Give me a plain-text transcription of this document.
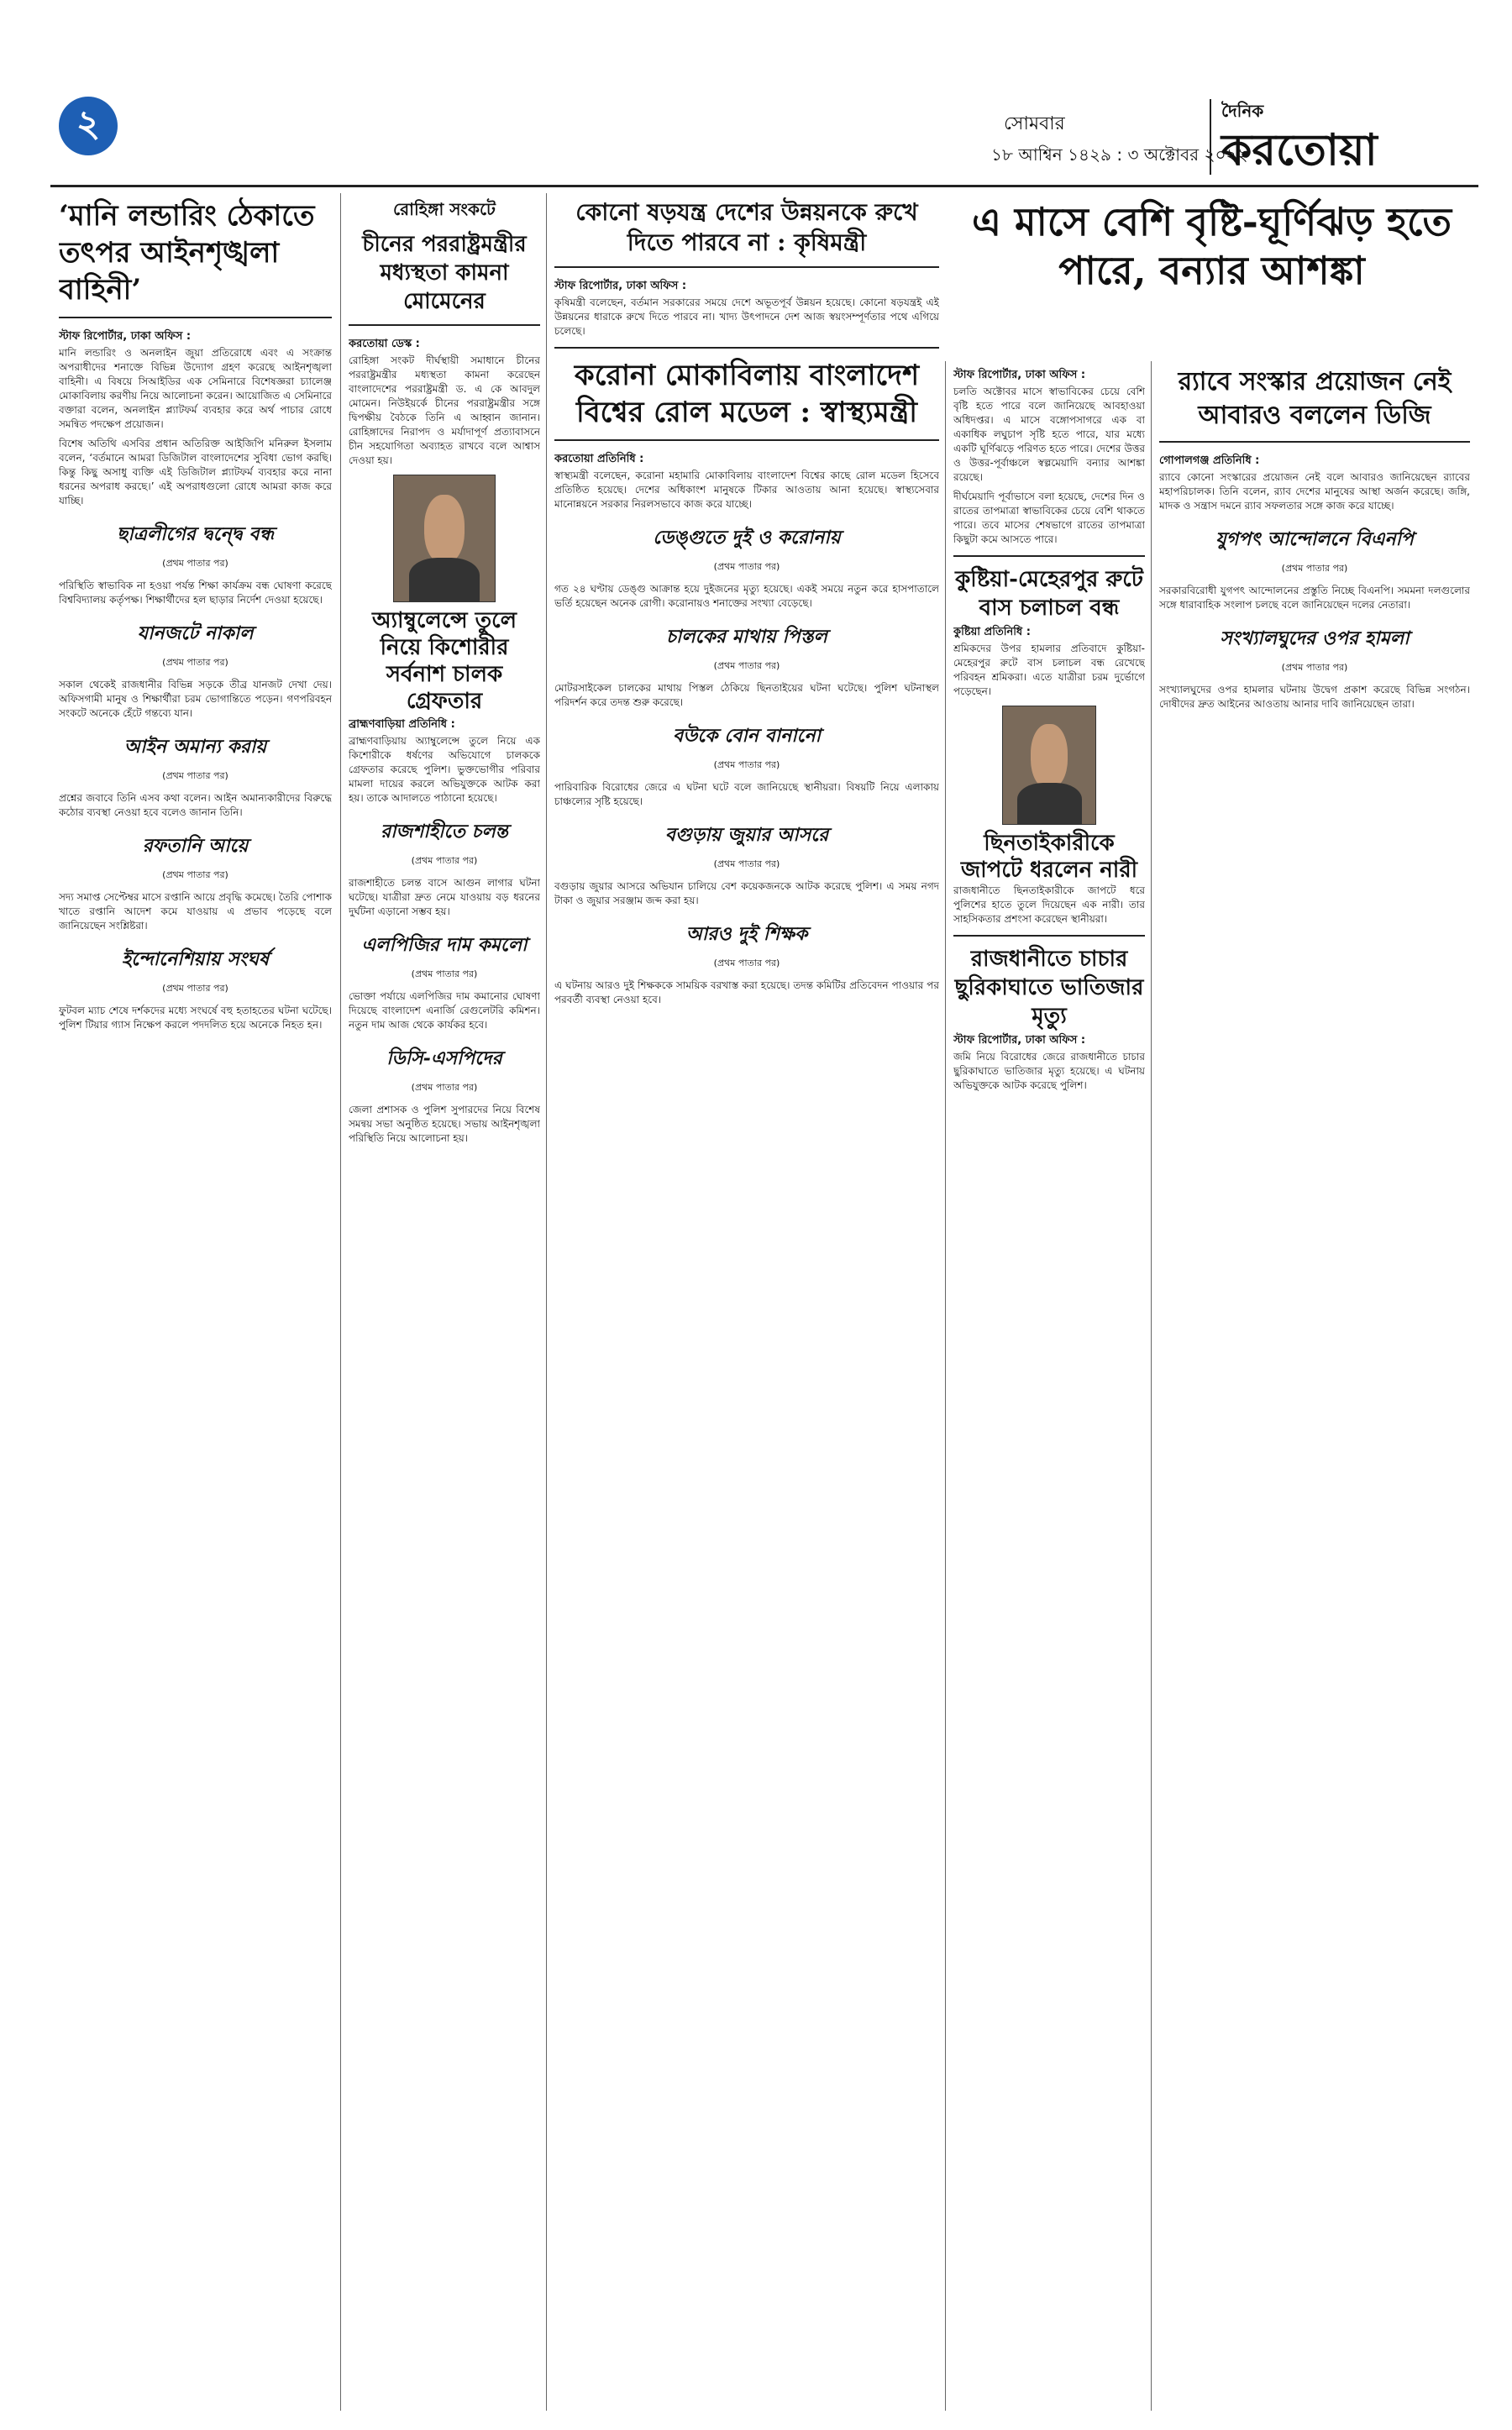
২	সোমবার
১৮ আশ্বিন ১৪২৯ : ৩ অক্টোবর ২০২২
দৈনিক
করতোয়া
‘মানি লন্ডারিং ঠেকাতে তৎপর আইনশৃঙ্খলা বাহিনী’
স্টাফ রিপোর্টার, ঢাকা অফিস :

মানি লন্ডারিং ও অনলাইন জুয়া প্রতিরোধে এবং এ সংক্রান্ত অপরাধীদের শনাক্তে বিভিন্ন উদ্যোগ গ্রহণ করেছে আইনশৃঙ্খলা বাহিনী। এ বিষয়ে সিআইডির এক সেমিনারে বিশেষজ্ঞরা চ্যালেঞ্জ মোকাবিলায় করণীয় নিয়ে আলোচনা করেন। আয়োজিত এ সেমিনারে বক্তারা বলেন, অনলাইন প্ল্যাটফর্ম ব্যবহার করে অর্থ পাচার রোধে সমন্বিত পদক্ষেপ প্রয়োজন।

বিশেষ অতিথি এসবির প্রধান অতিরিক্ত আইজিপি মনিরুল ইসলাম বলেন, ‘বর্তমানে আমরা ডিজিটাল বাংলাদেশের সুবিধা ভোগ করছি। কিন্তু কিছু অসাধু ব্যক্তি এই ডিজিটাল প্ল্যাটফর্ম ব্যবহার করে নানা ধরনের অপরাধ করছে।’ এই অপরাধগুলো রোধে আমরা কাজ করে যাচ্ছি।

ছাত্রলীগের দ্বন্দ্বে বন্ধ
(প্রথম পাতার পর)

পরিস্থিতি স্বাভাবিক না হওয়া পর্যন্ত শিক্ষা কার্যক্রম বন্ধ ঘোষণা করেছে বিশ্ববিদ্যালয় কর্তৃপক্ষ। শিক্ষার্থীদের হল ছাড়ার নির্দেশ দেওয়া হয়েছে।

যানজটে নাকাল
(প্রথম পাতার পর)

সকাল থেকেই রাজধানীর বিভিন্ন সড়কে তীব্র যানজট দেখা দেয়। অফিসগামী মানুষ ও শিক্ষার্থীরা চরম ভোগান্তিতে পড়েন। গণপরিবহন সংকটে অনেকে হেঁটে গন্তব্যে যান।

আইন অমান্য করায়
(প্রথম পাতার পর)

প্রশ্নের জবাবে তিনি এসব কথা বলেন। আইন অমান্যকারীদের বিরুদ্ধে কঠোর ব্যবস্থা নেওয়া হবে বলেও জানান তিনি।

রফতানি আয়ে
(প্রথম পাতার পর)

সদ্য সমাপ্ত সেপ্টেম্বর মাসে রপ্তানি আয়ে প্রবৃদ্ধি কমেছে। তৈরি পোশাক খাতে রপ্তানি আদেশ কমে যাওয়ায় এ প্রভাব পড়েছে বলে জানিয়েছেন সংশ্লিষ্টরা।

ইন্দোনেশিয়ায় সংঘর্ষ
(প্রথম পাতার পর)

ফুটবল ম্যাচ শেষে দর্শকদের মধ্যে সংঘর্ষে বহু হতাহতের ঘটনা ঘটেছে। পুলিশ টিয়ার গ্যাস নিক্ষেপ করলে পদদলিত হয়ে অনেকে নিহত হন।

রোহিঙ্গা সংকটে
চীনের পররাষ্ট্রমন্ত্রীর মধ্যস্থতা কামনা মোমেনের
করতোয়া ডেস্ক :

রোহিঙ্গা সংকট দীর্ঘস্থায়ী সমাধানে চীনের পররাষ্ট্রমন্ত্রীর মধ্যস্থতা কামনা করেছেন বাংলাদেশের পররাষ্ট্রমন্ত্রী ড. এ কে আবদুল মোমেন। নিউইয়র্কে চীনের পররাষ্ট্রমন্ত্রীর সঙ্গে দ্বিপক্ষীয় বৈঠকে তিনি এ আহ্বান জানান। রোহিঙ্গাদের নিরাপদ ও মর্যাদাপূর্ণ প্রত্যাবাসনে চীন সহযোগিতা অব্যাহত রাখবে বলে আশ্বাস দেওয়া হয়।

অ্যাম্বুলেন্সে তুলে নিয়ে কিশোরীর সর্বনাশ চালক গ্রেফতার
ব্রাহ্মণবাড়িয়া প্রতিনিধি :

ব্রাহ্মণবাড়িয়ায় অ্যাম্বুলেন্সে তুলে নিয়ে এক কিশোরীকে ধর্ষণের অভিযোগে চালককে গ্রেফতার করেছে পুলিশ। ভুক্তভোগীর পরিবার মামলা দায়ের করলে অভিযুক্তকে আটক করা হয়। তাকে আদালতে পাঠানো হয়েছে।

রাজশাহীতে চলন্ত
(প্রথম পাতার পর)

রাজশাহীতে চলন্ত বাসে আগুন লাগার ঘটনা ঘটেছে। যাত্রীরা দ্রুত নেমে যাওয়ায় বড় ধরনের দুর্ঘটনা এড়ানো সম্ভব হয়।

এলপিজির দাম কমলো
(প্রথম পাতার পর)

ভোক্তা পর্যায়ে এলপিজির দাম কমানোর ঘোষণা দিয়েছে বাংলাদেশ এনার্জি রেগুলেটরি কমিশন। নতুন দাম আজ থেকে কার্যকর হবে।

ডিসি-এসপিদের
(প্রথম পাতার পর)

জেলা প্রশাসক ও পুলিশ সুপারদের নিয়ে বিশেষ সমন্বয় সভা অনুষ্ঠিত হয়েছে। সভায় আইনশৃঙ্খলা পরিস্থিতি নিয়ে আলোচনা হয়।

কোনো ষড়যন্ত্র দেশের উন্নয়নকে রুখে দিতে পারবে না : কৃষিমন্ত্রী
স্টাফ রিপোর্টার, ঢাকা অফিস :

কৃষিমন্ত্রী বলেছেন, বর্তমান সরকারের সময়ে দেশে অভূতপূর্ব উন্নয়ন হয়েছে। কোনো ষড়যন্ত্রই এই উন্নয়নের ধারাকে রুখে দিতে পারবে না। খাদ্য উৎপাদনে দেশ আজ স্বয়ংসম্পূর্ণতার পথে এগিয়ে চলেছে।

করোনা মোকাবিলায় বাংলাদেশ বিশ্বের রোল মডেল : স্বাস্থ্যমন্ত্রী
করতোয়া প্রতিনিধি :

স্বাস্থ্যমন্ত্রী বলেছেন, করোনা মহামারি মোকাবিলায় বাংলাদেশ বিশ্বের কাছে রোল মডেল হিসেবে প্রতিষ্ঠিত হয়েছে। দেশের অধিকাংশ মানুষকে টিকার আওতায় আনা হয়েছে। স্বাস্থ্যসেবার মানোন্নয়নে সরকার নিরলসভাবে কাজ করে যাচ্ছে।

ডেঙ্গুতে দুই ও করোনায়
(প্রথম পাতার পর)

গত ২৪ ঘণ্টায় ডেঙ্গু আক্রান্ত হয়ে দুইজনের মৃত্যু হয়েছে। একই সময়ে নতুন করে হাসপাতালে ভর্তি হয়েছেন অনেক রোগী। করোনায়ও শনাক্তের সংখ্যা বেড়েছে।

চালকের মাথায় পিস্তল
(প্রথম পাতার পর)

মোটরসাইকেল চালকের মাথায় পিস্তল ঠেকিয়ে ছিনতাইয়ের ঘটনা ঘটেছে। পুলিশ ঘটনাস্থল পরিদর্শন করে তদন্ত শুরু করেছে।

বউকে বোন বানানো
(প্রথম পাতার পর)

পারিবারিক বিরোধের জেরে এ ঘটনা ঘটে বলে জানিয়েছে স্থানীয়রা। বিষয়টি নিয়ে এলাকায় চাঞ্চল্যের সৃষ্টি হয়েছে।

বগুড়ায় জুয়ার আসরে
(প্রথম পাতার পর)

বগুড়ায় জুয়ার আসরে অভিযান চালিয়ে বেশ কয়েকজনকে আটক করেছে পুলিশ। এ সময় নগদ টাকা ও জুয়ার সরঞ্জাম জব্দ করা হয়।

আরও দুই শিক্ষক
(প্রথম পাতার পর)

এ ঘটনায় আরও দুই শিক্ষককে সাময়িক বরখাস্ত করা হয়েছে। তদন্ত কমিটির প্রতিবেদন পাওয়ার পর পরবর্তী ব্যবস্থা নেওয়া হবে।

এ মাসে বেশি বৃষ্টি-ঘূর্ণিঝড় হতে পারে, বন্যার আশঙ্কা
স্টাফ রিপোর্টার, ঢাকা অফিস :

চলতি অক্টোবর মাসে স্বাভাবিকের চেয়ে বেশি বৃষ্টি হতে পারে বলে জানিয়েছে আবহাওয়া অধিদপ্তর। এ মাসে বঙ্গোপসাগরে এক বা একাধিক লঘুচাপ সৃষ্টি হতে পারে, যার মধ্যে একটি ঘূর্ণিঝড়ে পরিণত হতে পারে। দেশের উত্তর ও উত্তর-পূর্বাঞ্চলে স্বল্পমেয়াদি বন্যার আশঙ্কা রয়েছে।

দীর্ঘমেয়াদি পূর্বাভাসে বলা হয়েছে, দেশের দিন ও রাতের তাপমাত্রা স্বাভাবিকের চেয়ে বেশি থাকতে পারে। তবে মাসের শেষভাগে রাতের তাপমাত্রা কিছুটা কমে আসতে পারে।

কুষ্টিয়া-মেহেরপুর রুটে বাস চলাচল বন্ধ
কুষ্টিয়া প্রতিনিধি :

শ্রমিকদের উপর হামলার প্রতিবাদে কুষ্টিয়া-মেহেরপুর রুটে বাস চলাচল বন্ধ রেখেছে পরিবহন শ্রমিকরা। এতে যাত্রীরা চরম দুর্ভোগে পড়েছেন।

ছিনতাইকারীকে জাপটে ধরলেন নারী

রাজধানীতে ছিনতাইকারীকে জাপটে ধরে পুলিশের হাতে তুলে দিয়েছেন এক নারী। তার সাহসিকতার প্রশংসা করেছেন স্থানীয়রা।

রাজধানীতে চাচার ছুরিকাঘাতে ভাতিজার মৃত্যু
স্টাফ রিপোর্টার, ঢাকা অফিস :

জমি নিয়ে বিরোধের জেরে রাজধানীতে চাচার ছুরিকাঘাতে ভাতিজার মৃত্যু হয়েছে। এ ঘটনায় অভিযুক্তকে আটক করেছে পুলিশ।

র‍্যাবে সংস্কার প্রয়োজন নেই আবারও বললেন ডিজি
গোপালগঞ্জ প্রতিনিধি :

র‍্যাবে কোনো সংস্কারের প্রয়োজন নেই বলে আবারও জানিয়েছেন র‍্যাবের মহাপরিচালক। তিনি বলেন, র‍্যাব দেশের মানুষের আস্থা অর্জন করেছে। জঙ্গি, মাদক ও সন্ত্রাস দমনে র‍্যাব সফলতার সঙ্গে কাজ করে যাচ্ছে।

যুগপৎ আন্দোলনে বিএনপি
(প্রথম পাতার পর)

সরকারবিরোধী যুগপৎ আন্দোলনের প্রস্তুতি নিচ্ছে বিএনপি। সমমনা দলগুলোর সঙ্গে ধারাবাহিক সংলাপ চলছে বলে জানিয়েছেন দলের নেতারা।

সংখ্যালঘুদের ওপর হামলা
(প্রথম পাতার পর)

সংখ্যালঘুদের ওপর হামলার ঘটনায় উদ্বেগ প্রকাশ করেছে বিভিন্ন সংগঠন। দোষীদের দ্রুত আইনের আওতায় আনার দাবি জানিয়েছেন তারা।
